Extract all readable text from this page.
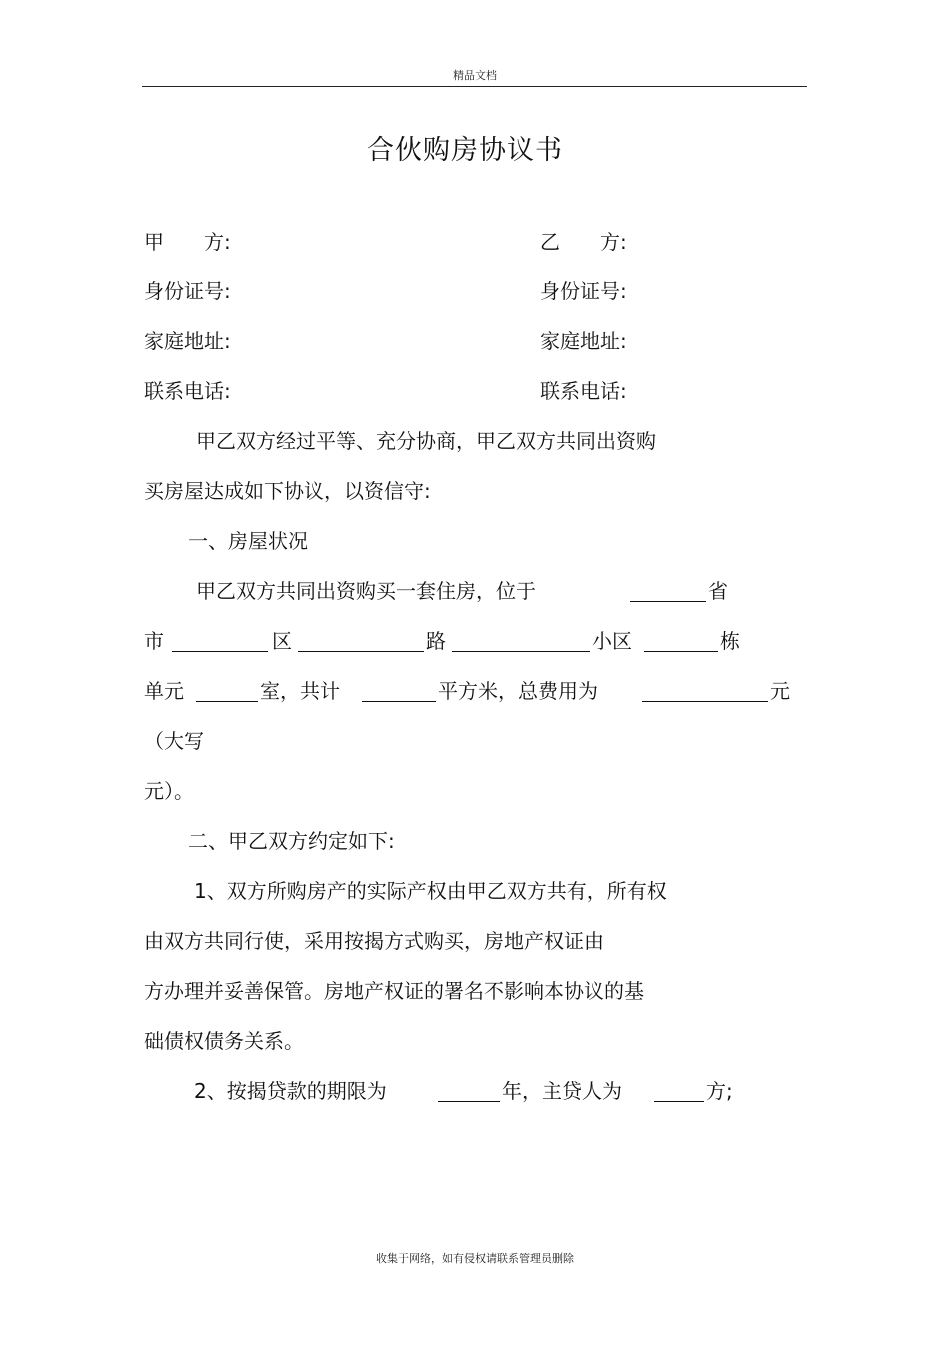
精品文档
合伙购房协议书
甲　　方:	乙　　方:
身份证号:	身份证号:
家庭地址:	家庭地址:
联系电话:	联系电话:
甲乙双方经过平等、充分协商，甲乙双方共同出资购
买房屋达成如下协议，以资信守:
一、房屋状况
甲乙双方共同出资购买一套住房，位于	省
市	区	路	小区	栋
单元	室，共计	平方米，总费用为	元
（大写
元）。
二、甲乙双方约定如下:
1、双方所购房产的实际产权由甲乙双方共有，所有权
由双方共同行使，采用按揭方式购买，房地产权证由
方办理并妥善保管。房地产权证的署名不影响本协议的基
础债权债务关系。
2、按揭贷款的期限为	年，主贷人为	方;
收集于网络，如有侵权请联系管理员删除
